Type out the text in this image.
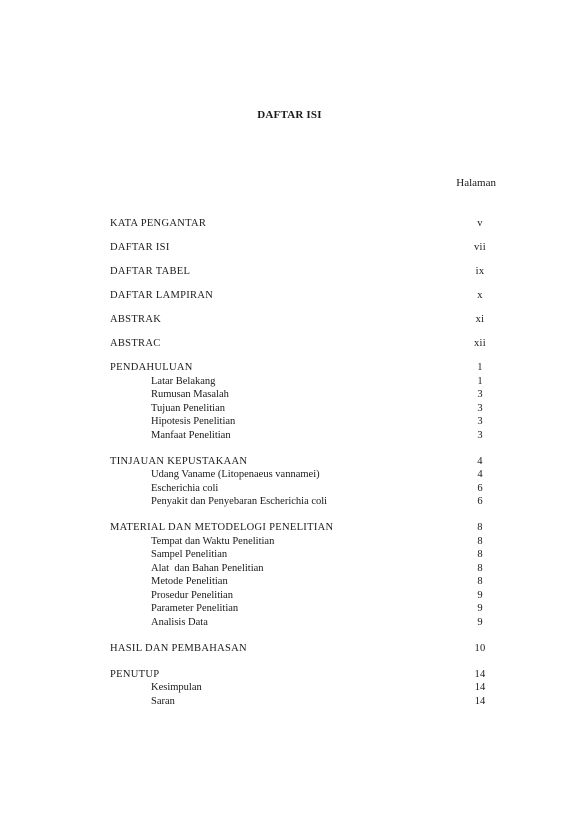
DAFTAR ISI
Halaman
KATA PENGANTAR	v
DAFTAR ISI	vii
DAFTAR TABEL	ix
DAFTAR LAMPIRAN	x
ABSTRAK	xi
ABSTRAC	xii
PENDAHULUAN	1
Latar Belakang	1
Rumusan Masalah	3
Tujuan Penelitian	3
Hipotesis Penelitian	3
Manfaat Penelitian	3
TINJAUAN KEPUSTAKAAN	4
Udang Vaname (Litopenaeus vannamei)	4
Escherichia coli	6
Penyakit dan Penyebaran Escherichia coli	6
MATERIAL DAN METODELOGI PENELITIAN	8
Tempat dan Waktu Penelitian	8
Sampel Penelitian	8
Alat  dan Bahan Penelitian	8
Metode Penelitian	8
Prosedur Penelitian	9
Parameter Penelitian	9
Analisis Data	9
HASIL DAN PEMBAHASAN	10
PENUTUP	14
Kesimpulan	14
Saran	14
